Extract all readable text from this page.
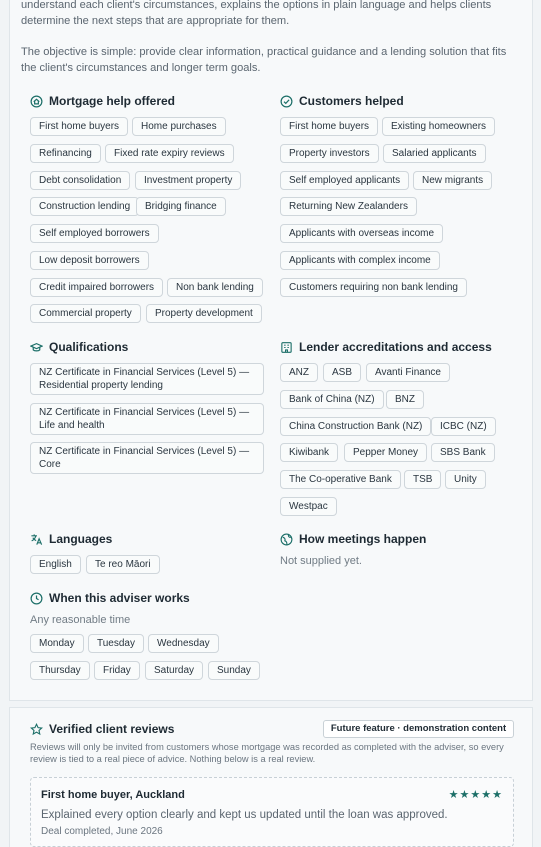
understand each client's circumstances, explains the options in plain language and helps clients determine the next steps that are appropriate for them.

The objective is simple: provide clear information, practical guidance and a lending solution that fits the client's circumstances and longer term goals.

Mortgage help offered
First home buyers	Home purchases
Refinancing	Fixed rate expiry reviews
Debt consolidation	Investment property
Construction lending	Bridging finance
Self employed borrowers
Low deposit borrowers
Credit impaired borrowers	Non bank lending
Commercial property	Property development
Customers helped
First home buyers	Existing homeowners
Property investors	Salaried applicants
Self employed applicants	New migrants
Returning New Zealanders
Applicants with overseas income
Applicants with complex income
Customers requiring non bank lending
Qualifications
NZ Certificate in Financial Services (Level 5) — Residential property lending
NZ Certificate in Financial Services (Level 5) — Life and health
NZ Certificate in Financial Services (Level 5) — Core
Lender accreditations and access
ANZ	ASB	Avanti Finance
Bank of China (NZ)	BNZ
China Construction Bank (NZ)	ICBC (NZ)
Kiwibank	Pepper Money	SBS Bank
The Co-operative Bank	TSB	Unity
Westpac
Languages
English	Te reo Māori
How meetings happen

Not supplied yet.

When this adviser works

Any reasonable time

Monday	Tuesday	Wednesday
Thursday	Friday	Saturday	Sunday
Verified client reviews	Future feature · demonstration content

Reviews will only be invited from customers whose mortgage was recorded as completed with the adviser, so every review is tied to a real piece of advice. Nothing below is a real review.

First home buyer, Auckland	★ ★ ★ ★ ★
Explained every option clearly and kept us updated until the loan was approved.
Deal completed, June 2026
